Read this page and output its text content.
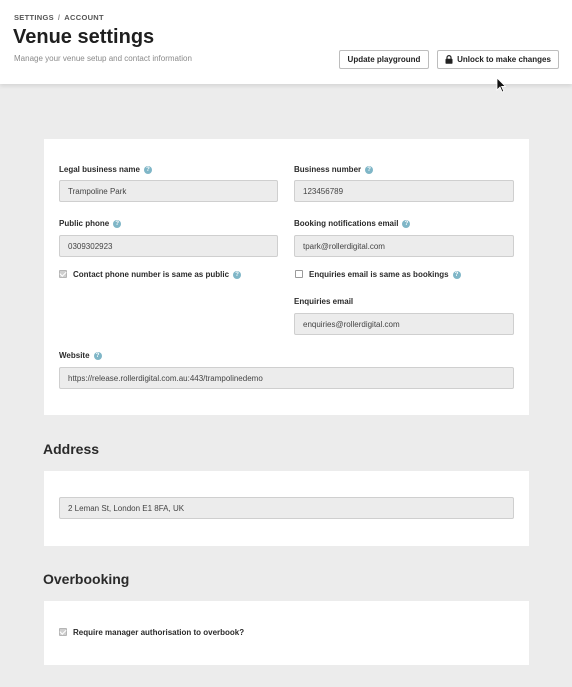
SETTINGS / ACCOUNT
Venue settings
Manage your venue setup and contact information	Update playground	Unlock to make changes
Legal business name	?
Trampoline Park
Business number	?
123456789
Public phone	?
0309302923
Booking notifications email	?
tpark@rollerdigital.com
Contact phone number is same as public	?	Enquiries email is same as bookings	?
Enquiries email
enquiries@rollerdigital.com
Website	?
https://release.rollerdigital.com.au:443/trampolinedemo
Address
2 Leman St, London E1 8FA, UK
Overbooking
Require manager authorisation to overbook?
